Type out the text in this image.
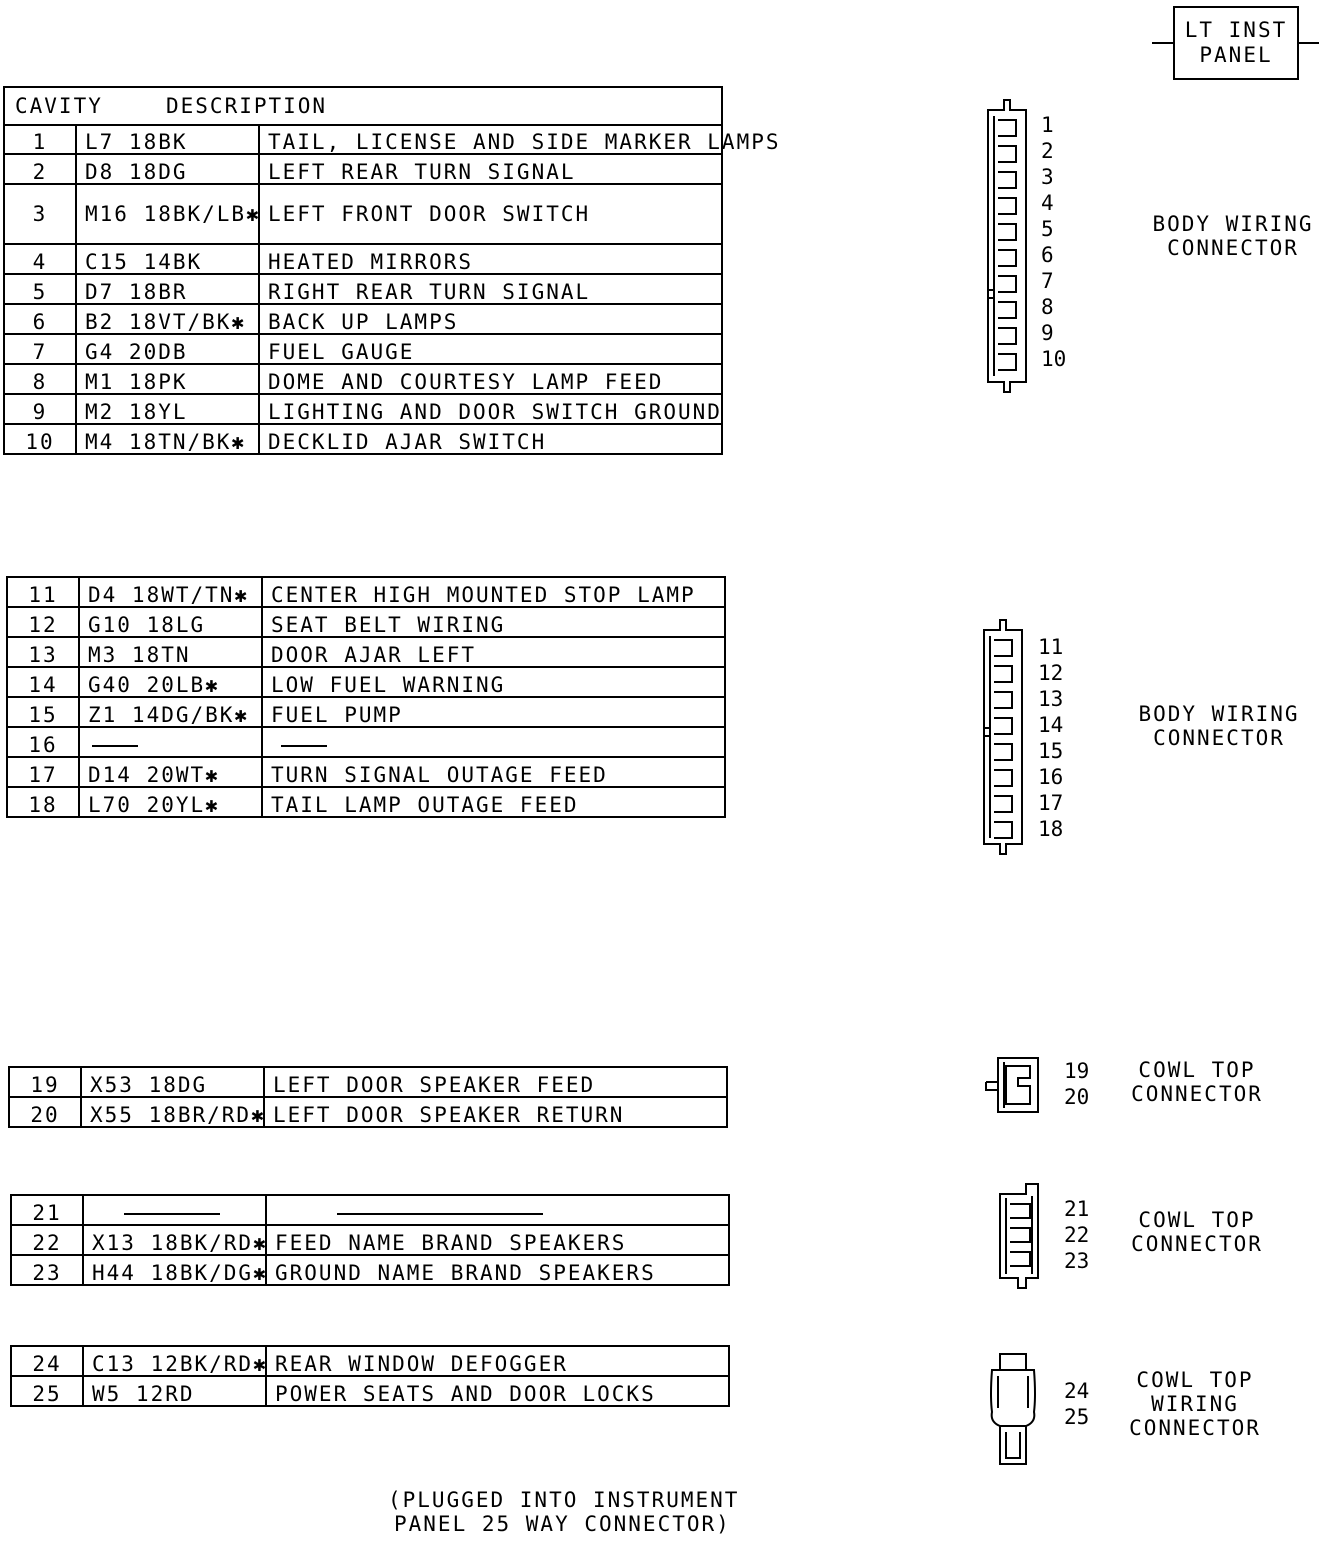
LT INST
PANEL
CAVITY	DESCRIPTION	
1	L7 18BK	TAIL, LICENSE AND SIDE MARKER LAMPS
2	D8 18DG	LEFT REAR TURN SIGNAL
3	M16 18BK/LB✱	LEFT FRONT DOOR SWITCH
4	C15 14BK	HEATED MIRRORS
5	D7 18BR	RIGHT REAR TURN SIGNAL
6	B2 18VT/BK✱	BACK UP LAMPS
7	G4 20DB	FUEL GAUGE
8	M1 18PK	DOME AND COURTESY LAMP FEED
9	M2 18YL	LIGHTING AND DOOR SWITCH GROUND
10	M4 18TN/BK✱	DECKLID AJAR SWITCH
11	D4 18WT/TN✱	CENTER HIGH MOUNTED STOP LAMP
12	G10 18LG	SEAT BELT WIRING
13	M3 18TN	DOOR AJAR LEFT
14	G40 20LB✱	LOW FUEL WARNING
15	Z1 14DG/BK✱	FUEL PUMP
16		
17	D14 20WT✱	TURN SIGNAL OUTAGE FEED
18	L70 20YL✱	TAIL LAMP OUTAGE FEED
19	X53 18DG	LEFT DOOR SPEAKER FEED
20	X55 18BR/RD✱	LEFT DOOR SPEAKER RETURN
21		
22	X13 18BK/RD✱	FEED NAME BRAND SPEAKERS
23	H44 18BK/DG✱	GROUND NAME BRAND SPEAKERS
24	C13 12BK/RD✱	REAR WINDOW DEFOGGER
25	W5 12RD	POWER SEATS AND DOOR LOCKS
1
2
3
4
5
6
7
8
9
10
BODY WIRING
CONNECTOR
11
12
13
14
15
16
17
18
BODY WIRING
CONNECTOR
19
20
COWL TOP
CONNECTOR
21
22
23
COWL TOP
CONNECTOR
24
25
COWL TOP
WIRING
CONNECTOR
(PLUGGED INTO INSTRUMENT
PANEL 25 WAY CONNECTOR)
